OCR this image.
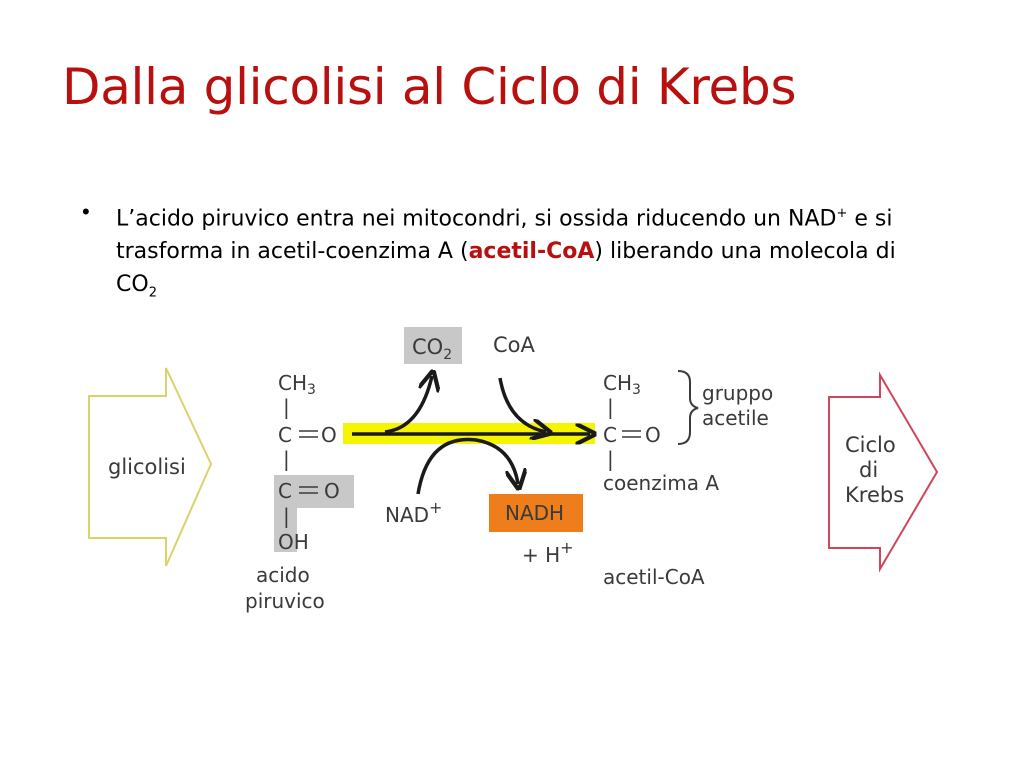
Dalla glicolisi al Ciclo di Krebs
• L’acido piruvico entra nei mitocondri, si ossida riducendo un NAD+ e si trasforma in acetil-coenzima A (acetil-CoA) liberando una molecola di $CO_2$
glicolisi
Ciclo
di
Krebs
$CO_2$ CoA
$CH_3$
|
C O
|
C O
|
OH
acido
piruvico
$CH_3$
|
C O
|
coenzima A
acetil-CoA
gruppo
acetile
NAD+	NADH
+ H+
